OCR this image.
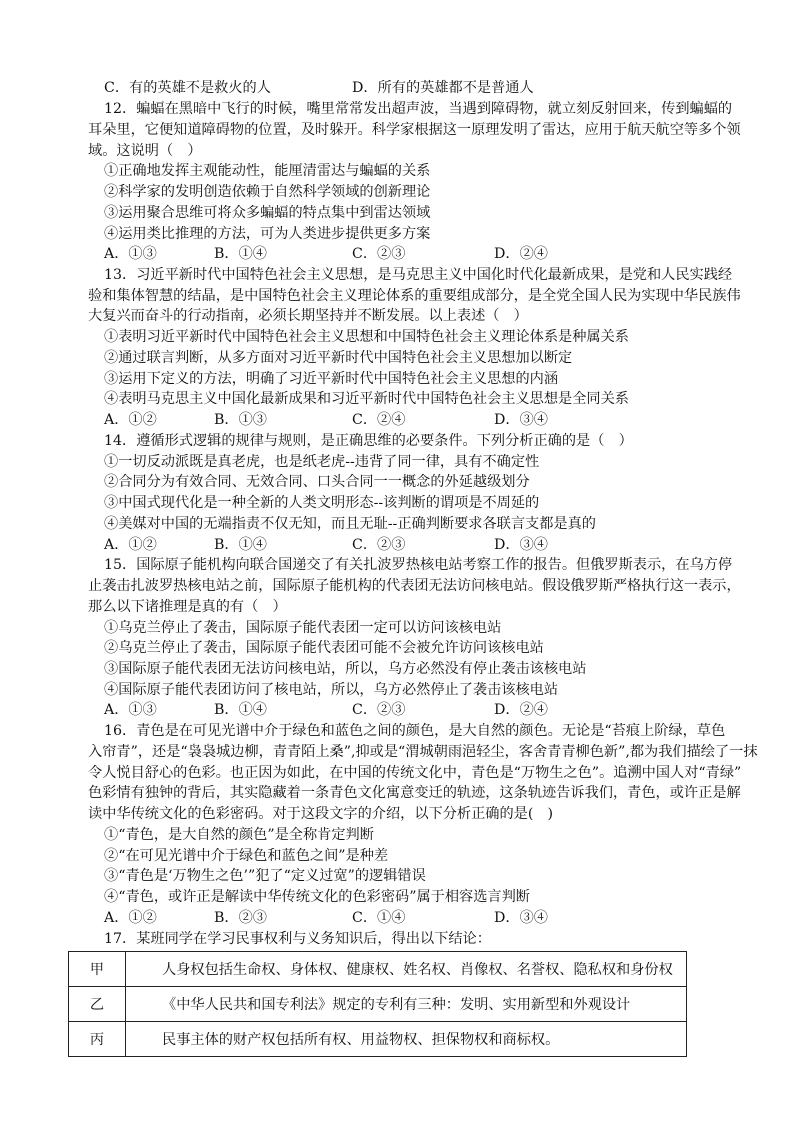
C．有的英雄不是救火的人	D．所有的英雄都不是普通人
12．蝙蝠在黑暗中飞行的时候，嘴里常常发出超声波，当遇到障碍物，就立刻反射回来，传到蝙蝠的
耳朵里，它便知道障碍物的位置，及时躲开。科学家根据这一原理发明了雷达，应用于航天航空等多个领
域。这说明（　）
①正确地发挥主观能动性，能厘清雷达与蝙蝠的关系
②科学家的发明创造依赖于自然科学领域的创新理论
③运用聚合思维可将众多蝙蝠的特点集中到雷达领域
④运用类比推理的方法，可为人类进步提供更多方案
A．①③	B．①④	C．②③	D．②④
13．习近平新时代中国特色社会主义思想，是马克思主义中国化时代化最新成果，是党和人民实践经
验和集体智慧的结晶，是中国特色社会主义理论体系的重要组成部分，是全党全国人民为实现中华民族伟
大复兴而奋斗的行动指南，必须长期坚持并不断发展。以上表述（　）
①表明习近平新时代中国特色社会主义思想和中国特色社会主义理论体系是种属关系
②通过联言判断，从多方面对习近平新时代中国特色社会主义思想加以断定
③运用下定义的方法，明确了习近平新时代中国特色社会主义思想的内涵
④表明马克思主义中国化最新成果和习近平新时代中国特色社会主义思想是全同关系
A．①②	B．①③	C．②④	D．③④
14．遵循形式逻辑的规律与规则，是正确思维的必要条件。下列分析正确的是（　）
①一切反动派既是真老虎，也是纸老虎--违背了同一律，具有不确定性
②合同分为有效合同、无效合同、口头合同一一概念的外延越级划分
③中国式现代化是一种全新的人类文明形态--该判断的谓项是不周延的
④美媒对中国的无端指责不仅无知，而且无耻--正确判断要求各联言支都是真的
A．①②	B．①④	C．②③	D．③④
15．国际原子能机构向联合国递交了有关扎波罗热核电站考察工作的报告。但俄罗斯表示，在乌方停
止袭击扎波罗热核电站之前，国际原子能机构的代表团无法访问核电站。假设俄罗斯严格执行这一表示，
那么以下诸推理是真的有（　）
①乌克兰停止了袭击，国际原子能代表团一定可以访问该核电站
②乌克兰停止了袭击，国际原子能代表团可能不会被允许访问该核电站
③国际原子能代表团无法访问核电站，所以，乌方必然没有停止袭击该核电站
④国际原子能代表团访问了核电站，所以，乌方必然停止了袭击该核电站
A．①③	B．①④	C．②③	D．②④
16．青色是在可见光谱中介于绿色和蓝色之间的颜色，是大自然的颜色。无论是“苔痕上阶绿，草色
入帘青”，还是“袅袅城边柳，青青陌上桑”,抑或是“渭城朝雨浥轻尘，客舍青青柳色新”,都为我们描绘了一抹
令人悦目舒心的色彩。也正因为如此，在中国的传统文化中，青色是“万物生之色”。追溯中国人对“青绿”
色彩情有独钟的背后，其实隐藏着一条青色文化寓意变迁的轨迹，这条轨迹告诉我们，青色，或许正是解
读中华传统文化的色彩密码。对于这段文字的介绍，以下分析正确的是(　)
①“青色，是大自然的颜色”是全称肯定判断
②“在可见光谱中介于绿色和蓝色之间”是种差
③“青色是‘万物生之色’”犯了“定义过宽”的逻辑错误
④“青色，或许正是解读中华传统文化的色彩密码”属于相容选言判断
A．①②	B．②③	C．①④	D．③④
17．某班同学在学习民事权利与义务知识后，得出以下结论：
甲	人身权包括生命权、身体权、健康权、姓名权、肖像权、名誉权、隐私权和身份权
乙	《中华人民共和国专利法》规定的专利有三种：发明、实用新型和外观设计
丙	民事主体的财产权包括所有权、用益物权、担保物权和商标权。
